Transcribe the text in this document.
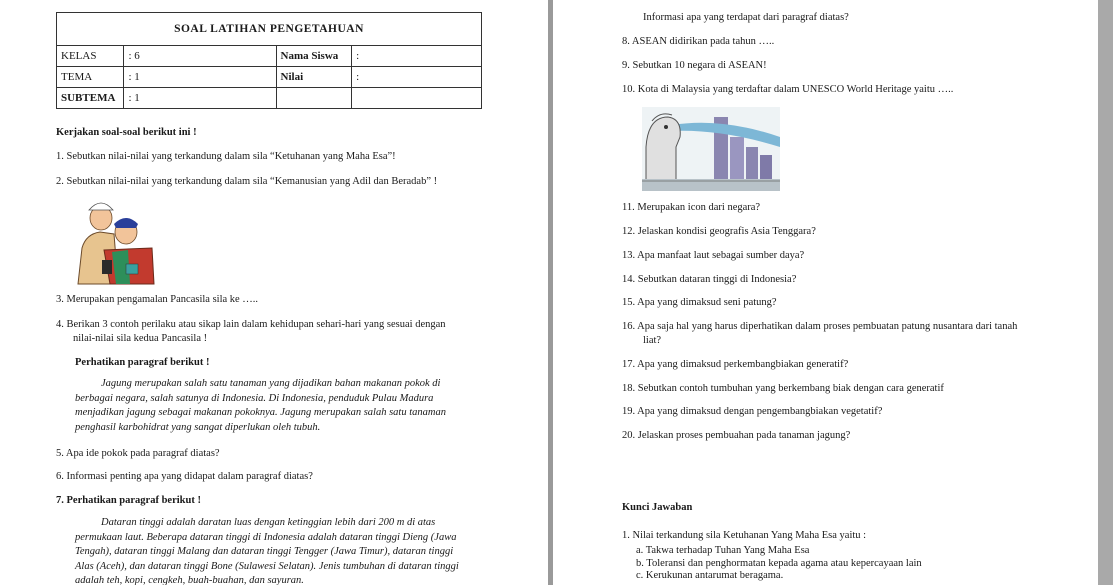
SOAL LATIHAN PENGETAHUAN			
KELAS	: 6	Nama Siswa	:
TEMA	: 1	Nilai	:
SUBTEMA	: 1		
Kerjakan soal-soal berikut ini !
1. Sebutkan nilai-nilai yang terkandung dalam sila “Ketuhanan yang Maha Esa”!
2. Sebutkan nilai-nilai yang terkandung dalam sila “Kemanusian yang Adil dan Beradab” !
3. Merupakan pengamalan Pancasila sila ke …..
4. Berikan 3 contoh perilaku atau sikap lain dalam kehidupan sehari-hari yang sesuai dengan
nilai-nilai sila kedua Pancasila !
Perhatikan paragraf berikut !
Jagung merupakan salah satu tanaman yang dijadikan bahan makanan pokok di
berbagai negara, salah satunya di Indonesia. Di Indonesia, penduduk Pulau Madura
menjadikan jagung sebagai makanan pokoknya. Jagung merupakan salah satu tanaman
penghasil karbohidrat yang sangat diperlukan oleh tubuh.
5. Apa ide pokok pada paragraf diatas?
6. Informasi penting apa yang didapat dalam paragraf diatas?
7. Perhatikan paragraf berikut !
Dataran tinggi adalah daratan luas dengan ketinggian lebih dari 200 m di atas
permukaan laut. Beberapa dataran tinggi di Indonesia adalah dataran tinggi Dieng (Jawa
Tengah), dataran tinggi Malang dan dataran tinggi Tengger (Jawa Timur), dataran tinggi
Alas (Aceh), dan dataran tinggi Bone (Sulawesi Selatan). Jenis tumbuhan di dataran tinggi
adalah teh, kopi, cengkeh, buah-buahan, dan sayuran.
Informasi apa yang terdapat dari paragraf diatas?
8. ASEAN didirikan pada tahun …..
9. Sebutkan 10 negara di ASEAN!
10. Kota di Malaysia yang terdaftar dalam UNESCO World Heritage yaitu …..
11. Merupakan icon dari negara?
12. Jelaskan kondisi geografis Asia Tenggara?
13. Apa manfaat laut sebagai sumber daya?
14. Sebutkan dataran tinggi di Indonesia?
15. Apa yang dimaksud seni patung?
16. Apa saja hal yang harus diperhatikan dalam proses pembuatan patung nusantara dari tanah
liat?
17. Apa yang dimaksud perkembangbiakan generatif?
18. Sebutkan contoh tumbuhan yang berkembang biak dengan cara generatif
19. Apa yang dimaksud dengan pengembangbiakan vegetatif?
20. Jelaskan proses pembuahan pada tanaman jagung?
Kunci Jawaban
1. Nilai terkandung sila Ketuhanan Yang Maha Esa yaitu :
a. Takwa terhadap Tuhan Yang Maha Esa
b. Toleransi dan penghormatan kepada agama atau kepercayaan lain
c. Kerukunan antarumat beragama.
